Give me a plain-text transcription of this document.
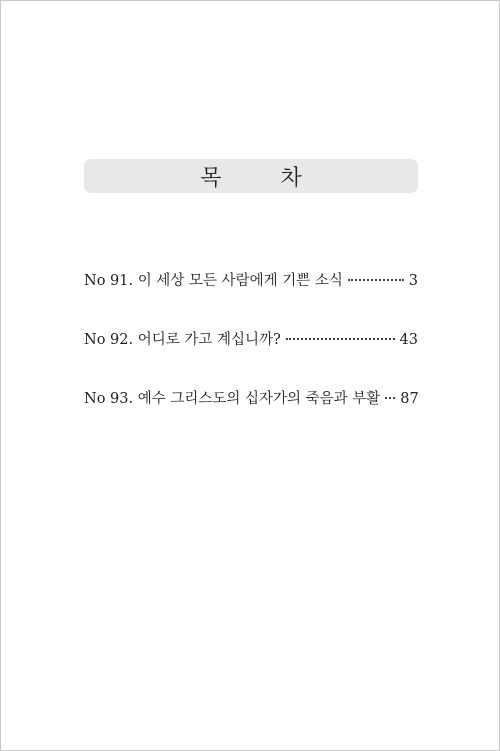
목 차
No 91. 이 세상 모든 사람에게 기쁜 소식	3
No 92. 어디로 가고 계십니까?	43
No 93. 예수 그리스도의 십자가의 죽음과 부활 87
